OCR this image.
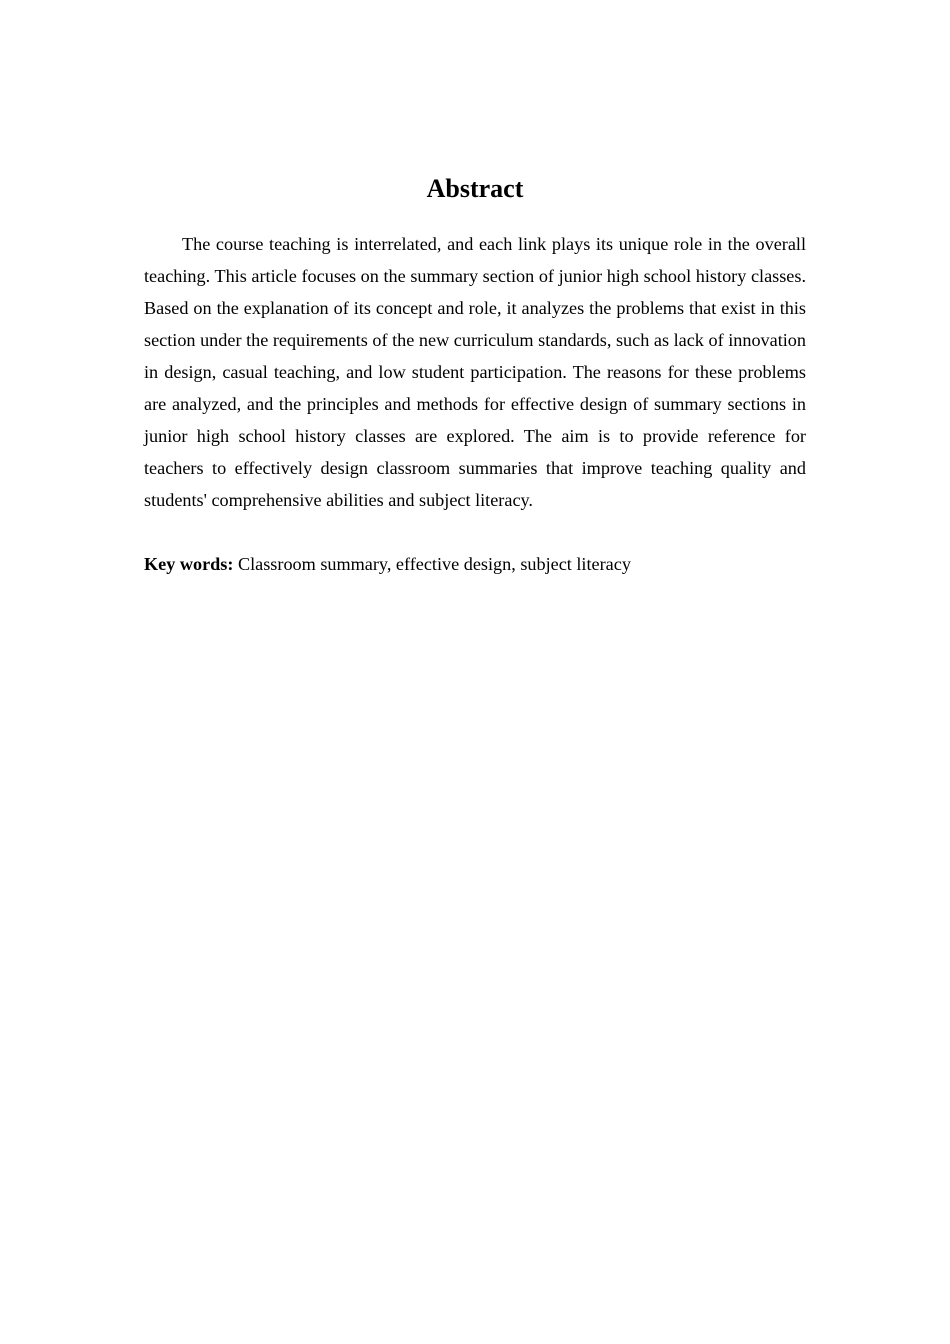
Abstract

The course teaching is interrelated, and each link plays its unique role in the overall teaching. This article focuses on the summary section of junior high school history classes. Based on the explanation of its concept and role, it analyzes the problems that exist in this section under the requirements of the new curriculum standards, such as lack of innovation in design, casual teaching, and low student participation. The reasons for these problems are analyzed, and the principles and methods for effective design of summary sections in junior high school history classes are explored. The aim is to provide reference for teachers to effectively design classroom summaries that improve teaching quality and students' comprehensive abilities and subject literacy.

Key words: Classroom summary, effective design, subject literacy
